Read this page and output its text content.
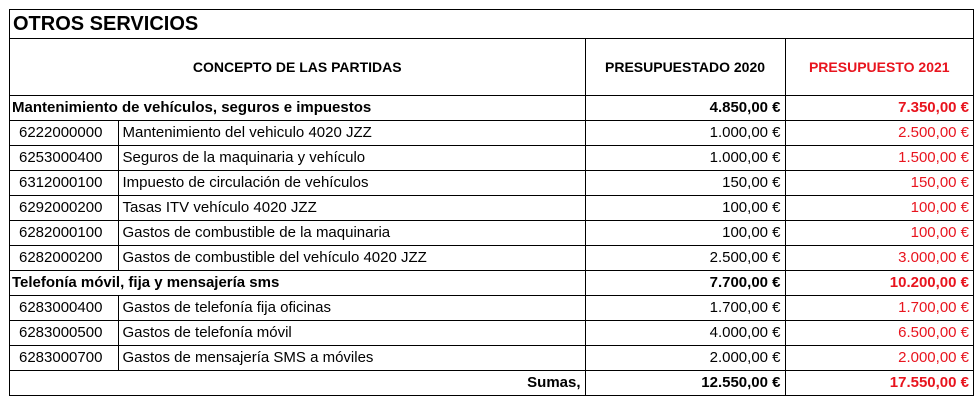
OTROS SERVICIOS
CONCEPTO DE LAS PARTIDAS		PRESUPUESTADO 2020	PRESUPUESTO 2021
Mantenimiento de vehículos, seguros e impuestos		4.850,00 €	7.350,00 €
6222000000	Mantenimiento del vehiculo 4020 JZZ	1.000,00 €	2.500,00 €
6253000400	Seguros de la maquinaria y vehículo	1.000,00 €	1.500,00 €
6312000100	Impuesto de circulación de vehículos	150,00 €	150,00 €
6292000200	Tasas ITV vehículo 4020 JZZ	100,00 €	100,00 €
6282000100	Gastos de combustible de la maquinaria	100,00 €	100,00 €
6282000200	Gastos de combustible del vehículo 4020 JZZ	2.500,00 €	3.000,00 €
Telefonía móvil, fija y mensajería sms		7.700,00 €	10.200,00 €
6283000400	Gastos de telefonía fija oficinas	1.700,00 €	1.700,00 €
6283000500	Gastos de telefonía móvil	4.000,00 €	6.500,00 €
6283000700	Gastos de mensajería SMS a móviles	2.000,00 €	2.000,00 €
Sumas,		12.550,00 €	17.550,00 €
